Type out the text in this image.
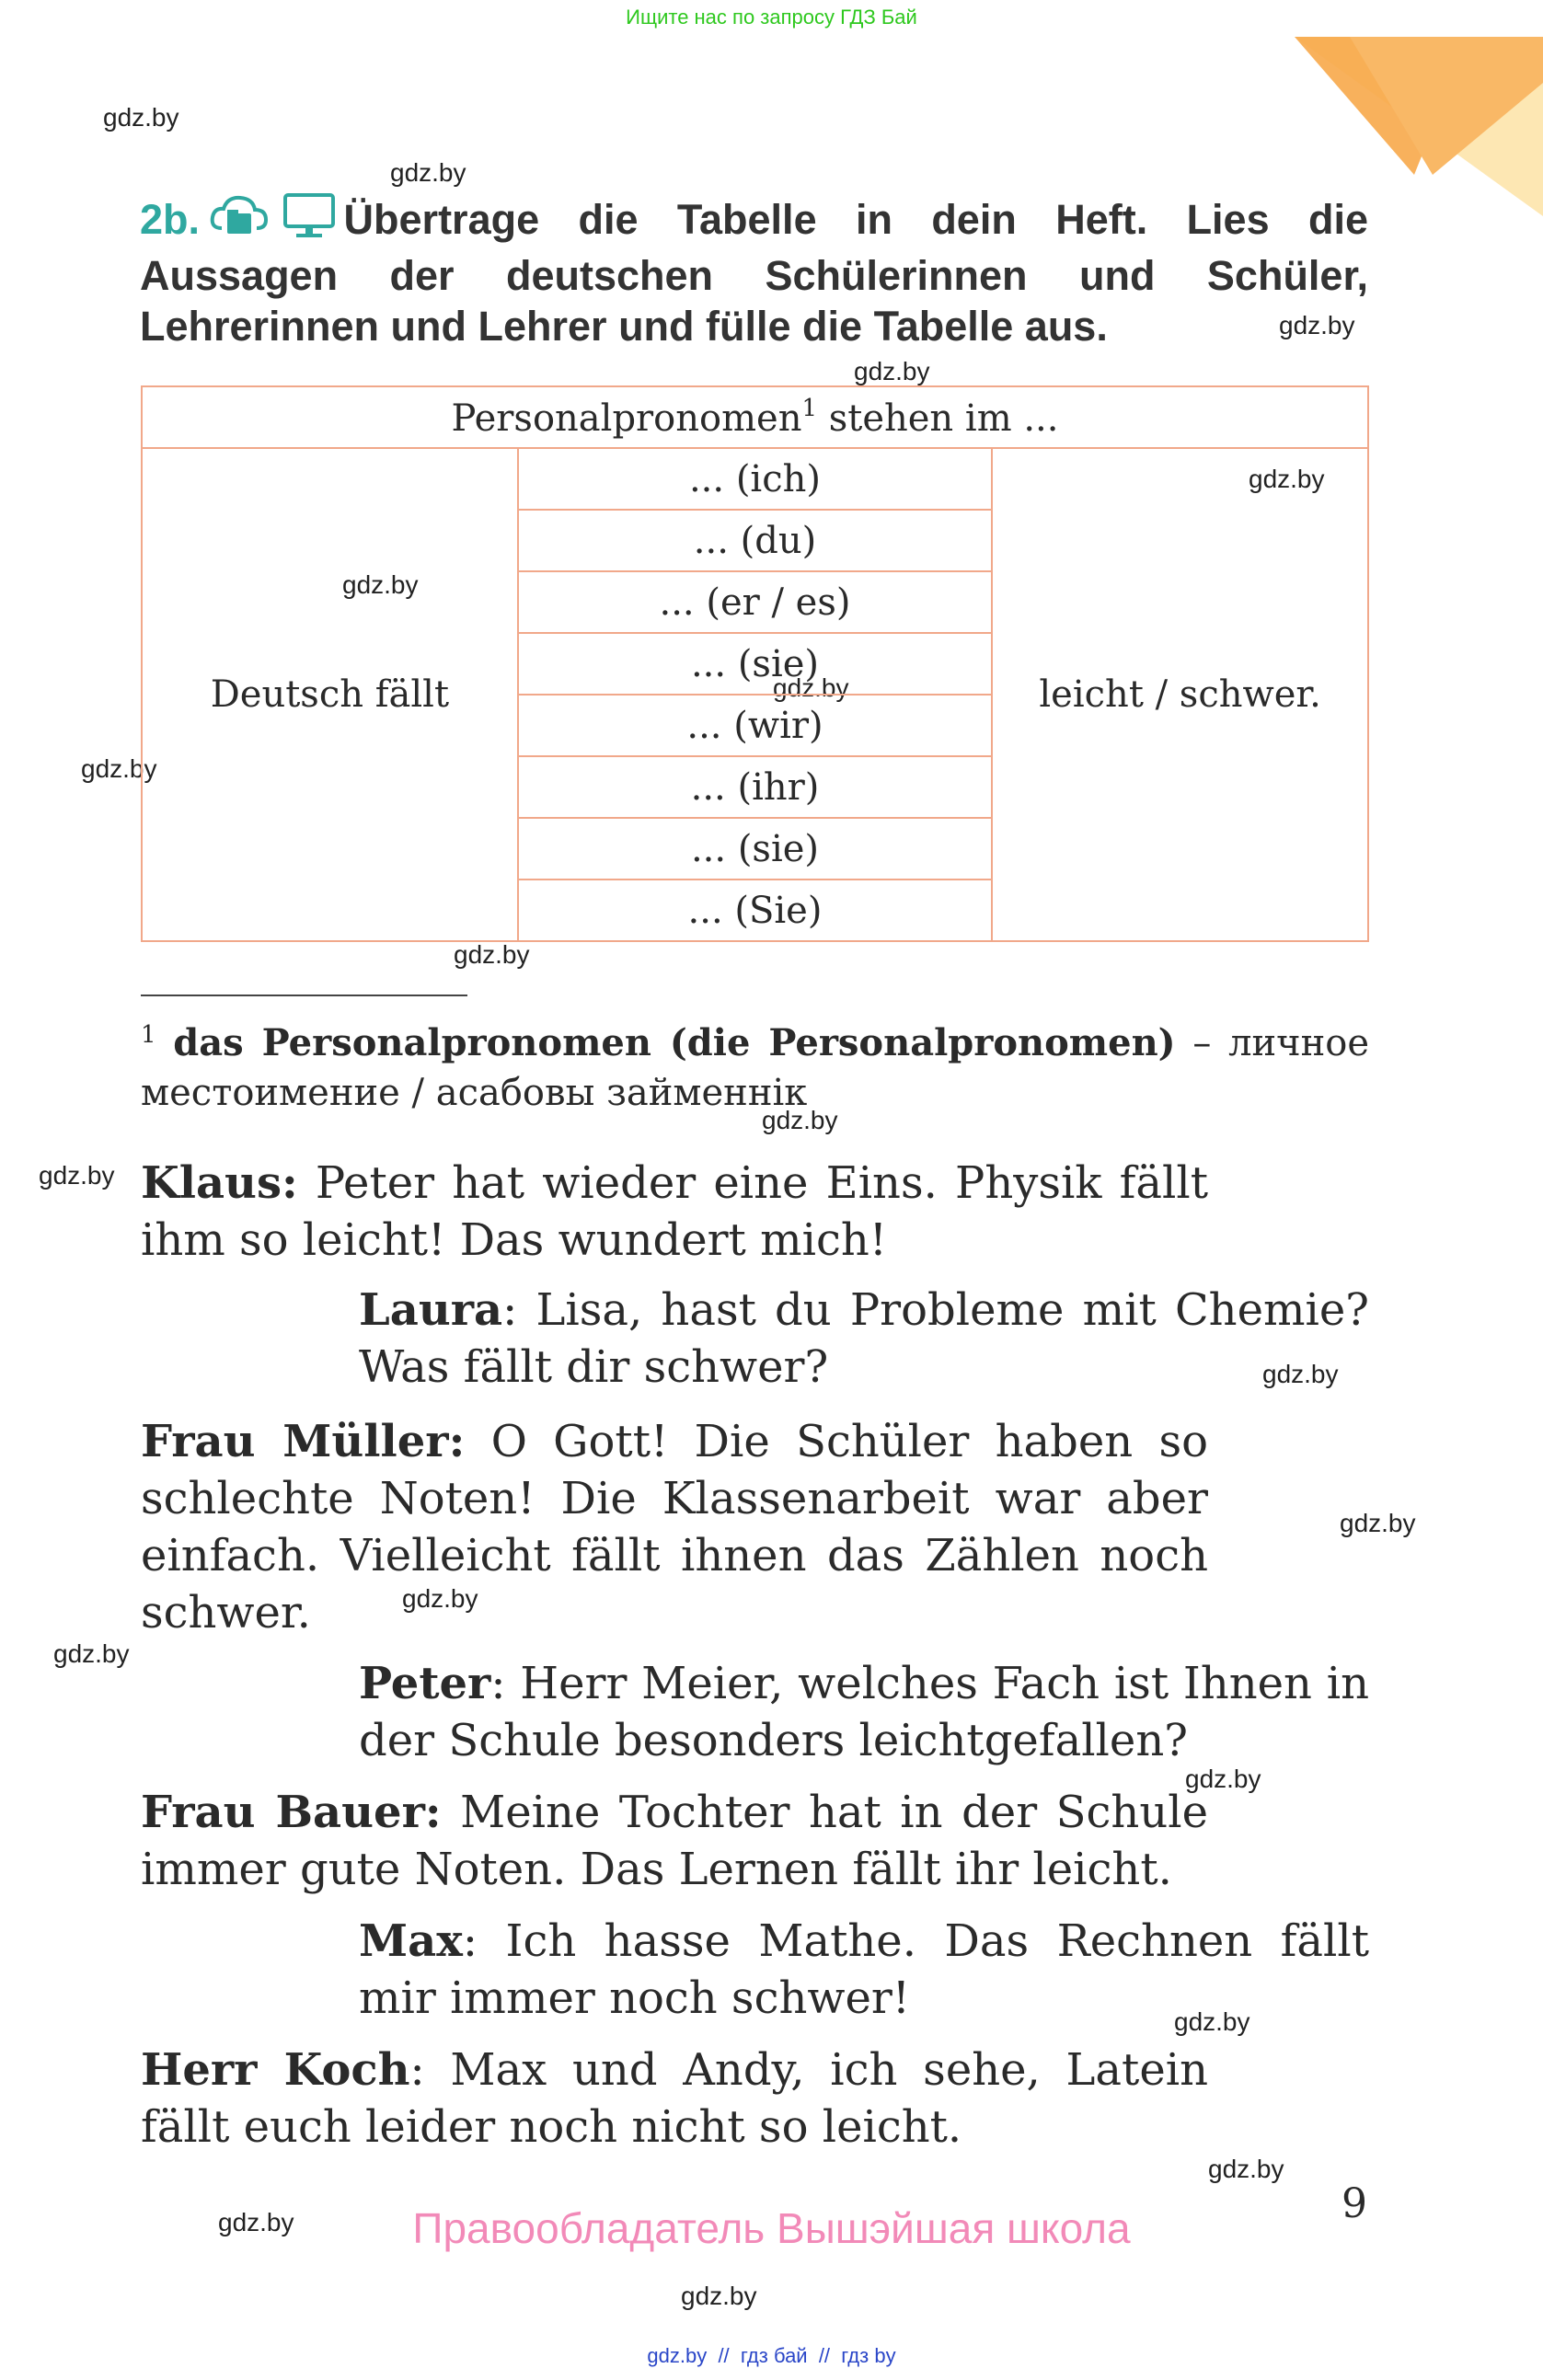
Ищите нас по запросу ГДЗ Бай
gdz.by
gdz.by
gdz.by
gdz.by
gdz.by
gdz.by
gdz.by
gdz.by
gdz.by
gdz.by
gdz.by
gdz.by
gdz.by
gdz.by
gdz.by
gdz.by
gdz.by
gdz.by
gdz.by
gdz.by
2b.	Übertrage die Tabelle in dein Heft. Lies die Aussagen der deutschen Schülerinnen und Schüler, Lehrerinnen und Lehrer und fülle die Tabelle aus.
Personalpronomen$^1$ stehen im ...
Deutsch fällt	... (ich)	leicht / schwer.
... (du)
... (er / es)
... (sie)
... (wir)
... (ihr)
... (sie)
... (Sie)
$^1$ das Personalpronomen (die Personalpronomen) – личное местоимение / асабовы займеннік
Klaus: Peter hat wieder eine Eins. Physik fällt ihm so leicht! Das wundert mich!
Laura: Lisa, hast du Probleme mit Chemie? Was fällt dir schwer?
Frau Müller: O Gott! Die Schüler haben so schlechte Noten! Die Klassenarbeit war aber einfach. Vielleicht fällt ihnen das Zählen noch schwer.
Peter: Herr Meier, welches Fach ist Ihnen in der Schule besonders leichtgefallen?
Frau Bauer: Meine Tochter hat in der Schule immer gute Noten. Das Lernen fällt ihr leicht.
Max: Ich hasse Mathe. Das Rechnen fällt mir immer noch schwer!
Herr Koch: Max und Andy, ich sehe, Latein fällt euch leider noch nicht so leicht.
9
Правообладатель Вышэйшая школа
gdz.by  //  гдз бай  //  гдз by
